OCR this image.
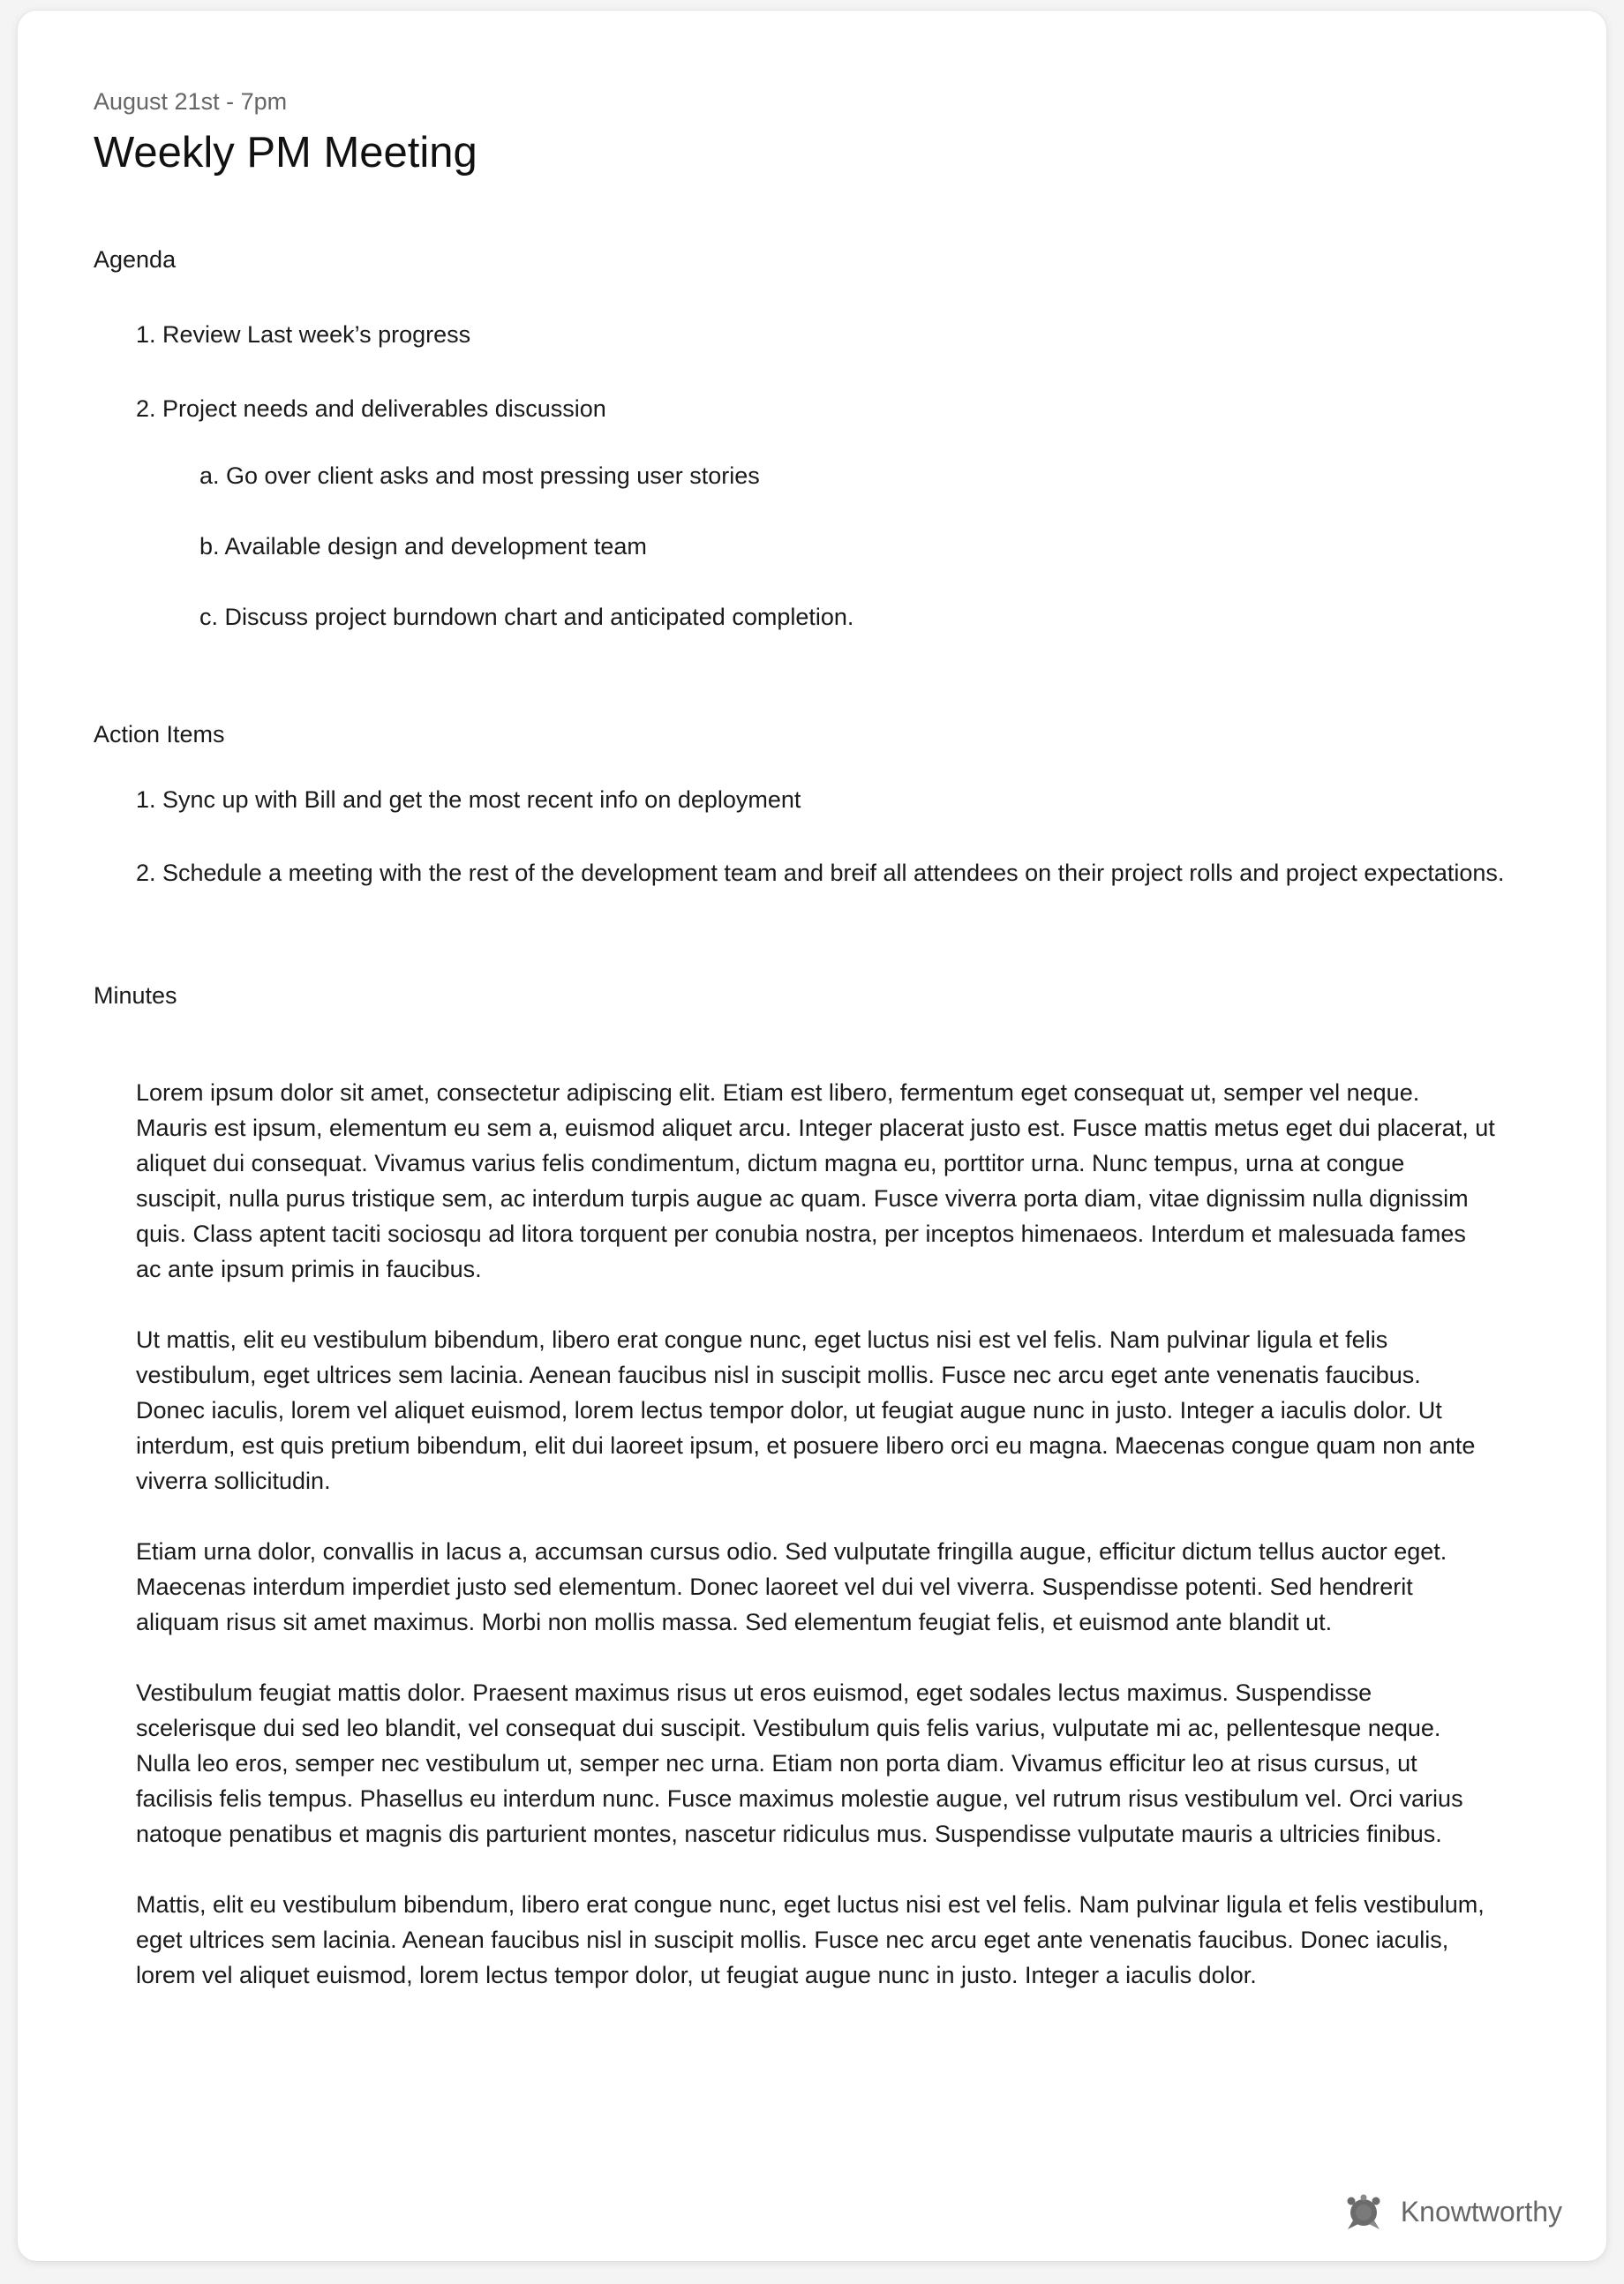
August 21st - 7pm

Weekly PM Meeting
Agenda
1. Review Last week’s progress
2. Project needs and deliverables discussion
a. Go over client asks and most pressing user stories
b. Available design and development team
c. Discuss project burndown chart and anticipated completion.
Action Items
1. Sync up with Bill and get the most recent info on deployment
2. Schedule a meeting with the rest of the development team and breif all attendees on their project rolls and project expectations.
Minutes

Lorem ipsum dolor sit amet, consectetur adipiscing elit. Etiam est libero, fermentum eget consequat ut, semper vel neque. Mauris est ipsum, elementum eu sem a, euismod aliquet arcu. Integer placerat justo est. Fusce mattis metus eget dui placerat, ut aliquet dui consequat. Vivamus varius felis condimentum, dictum magna eu, porttitor urna. Nunc tempus, urna at congue suscipit, nulla purus tristique sem, ac interdum turpis augue ac quam. Fusce viverra porta diam, vitae dignissim nulla dignissim quis. Class aptent taciti sociosqu ad litora torquent per conubia nostra, per inceptos himenaeos. Interdum et malesuada fames ac ante ipsum primis in faucibus.

Ut mattis, elit eu vestibulum bibendum, libero erat congue nunc, eget luctus nisi est vel felis. Nam pulvinar ligula et felis vestibulum, eget ultrices sem lacinia. Aenean faucibus nisl in suscipit mollis. Fusce nec arcu eget ante venenatis faucibus. Donec iaculis, lorem vel aliquet euismod, lorem lectus tempor dolor, ut feugiat augue nunc in justo. Integer a iaculis dolor. Ut interdum, est quis pretium bibendum, elit dui laoreet ipsum, et posuere libero orci eu magna. Maecenas congue quam non ante viverra sollicitudin.

Etiam urna dolor, convallis in lacus a, accumsan cursus odio. Sed vulputate fringilla augue, efficitur dictum tellus auctor eget. Maecenas interdum imperdiet justo sed elementum. Donec laoreet vel dui vel viverra. Suspendisse potenti. Sed hendrerit aliquam risus sit amet maximus. Morbi non mollis massa. Sed elementum feugiat felis, et euismod ante blandit ut.

Vestibulum feugiat mattis dolor. Praesent maximus risus ut eros euismod, eget sodales lectus maximus. Suspendisse scelerisque dui sed leo blandit, vel consequat dui suscipit. Vestibulum quis felis varius, vulputate mi ac, pellentesque neque. Nulla leo eros, semper nec vestibulum ut, semper nec urna. Etiam non porta diam. Vivamus efficitur leo at risus cursus, ut facilisis felis tempus. Phasellus eu interdum nunc. Fusce maximus molestie augue, vel rutrum risus vestibulum vel. Orci varius natoque penatibus et magnis dis parturient montes, nascetur ridiculus mus. Suspendisse vulputate mauris a ultricies finibus.

Mattis, elit eu vestibulum bibendum, libero erat congue nunc, eget luctus nisi est vel felis. Nam pulvinar ligula et felis vestibulum, eget ultrices sem lacinia. Aenean faucibus nisl in suscipit mollis. Fusce nec arcu eget ante venenatis faucibus. Donec iaculis, lorem vel aliquet euismod, lorem lectus tempor dolor, ut feugiat augue nunc in justo. Integer a iaculis dolor.

Knowtworthy
